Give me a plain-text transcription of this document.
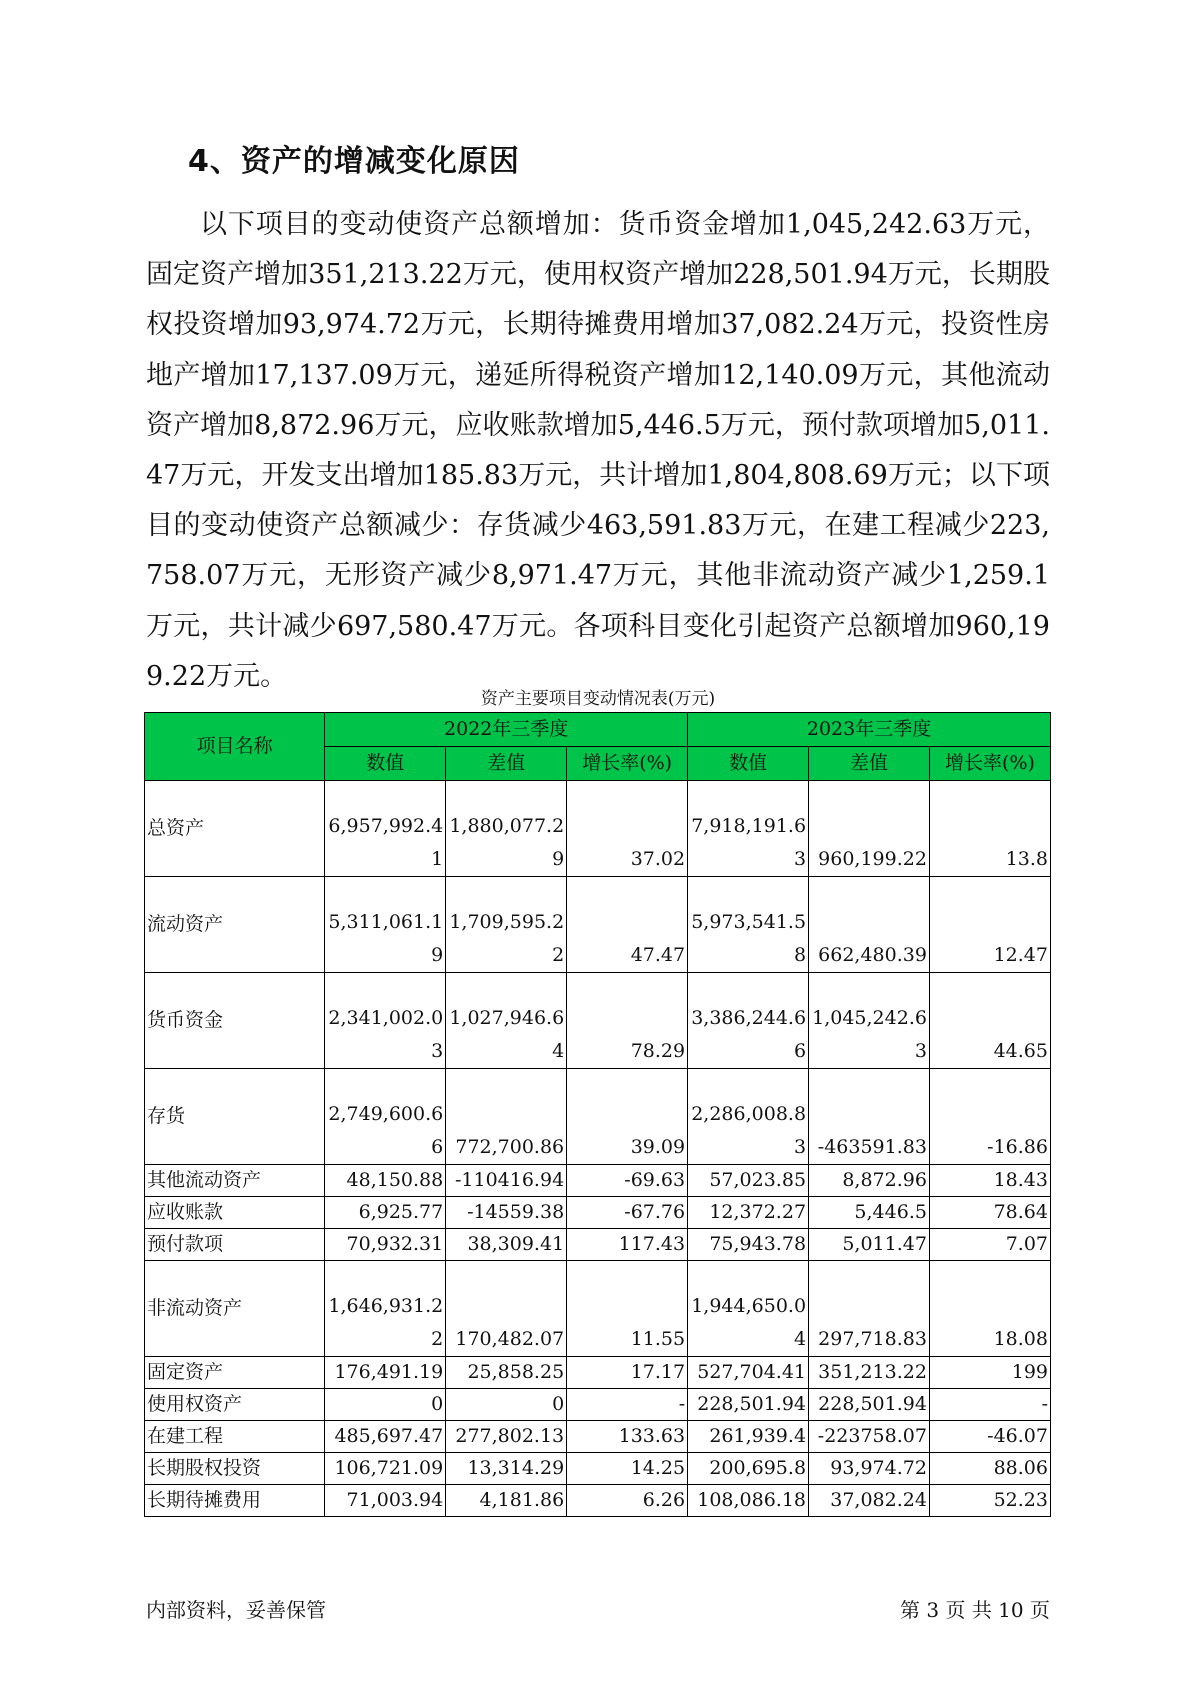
4、资产的增减变化原因

以下项目的变动使资产总额增加：货币资金增加1,045,242.63万元，固定资产增加351,213.22万元，使用权资产增加228,501.94万元，长期股权投资增加93,974.72万元，长期待摊费用增加37,082.24万元，投资性房地产增加17,137.09万元，递延所得税资产增加12,140.09万元，其他流动资产增加8,872.96万元，应收账款增加5,446.5万元，预付款项增加5,011.47万元，开发支出增加185.83万元，共计增加1,804,808.69万元；以下项目的变动使资产总额减少：存货减少463,591.83万元，在建工程减少223,758.07万元，无形资产减少8,971.47万元，其他非流动资产减少1,259.1万元，共计减少697,580.47万元。各项科目变化引起资产总额增加960,199.22万元。

资产主要项目变动情况表(万元)
项目名称	2022年三季度			2023年三季度		
	数值	差值	增长率(%)	数值	差值	增长率(%)
总资产	6,957,992.41	1,880,077.29	37.02	7,918,191.63	960,199.22	13.8
流动资产	5,311,061.19	1,709,595.22	47.47	5,973,541.58	662,480.39	12.47
货币资金	2,341,002.03	1,027,946.64	78.29	3,386,244.66	1,045,242.63	44.65
存货	2,749,600.66	772,700.86	39.09	2,286,008.83	-463591.83	-16.86
其他流动资产	48,150.88	-110416.94	-69.63	57,023.85	8,872.96	18.43
应收账款	6,925.77	-14559.38	-67.76	12,372.27	5,446.5	78.64
预付款项	70,932.31	38,309.41	117.43	75,943.78	5,011.47	7.07
非流动资产	1,646,931.22	170,482.07	11.55	1,944,650.04	297,718.83	18.08
固定资产	176,491.19	25,858.25	17.17	527,704.41	351,213.22	199
使用权资产	0	0	-	228,501.94	228,501.94	-
在建工程	485,697.47	277,802.13	133.63	261,939.4	-223758.07	-46.07
长期股权投资	106,721.09	13,314.29	14.25	200,695.8	93,974.72	88.06
长期待摊费用	71,003.94	4,181.86	6.26	108,086.18	37,082.24	52.23
内部资料，妥善保管	第 3 页 共 10 页
